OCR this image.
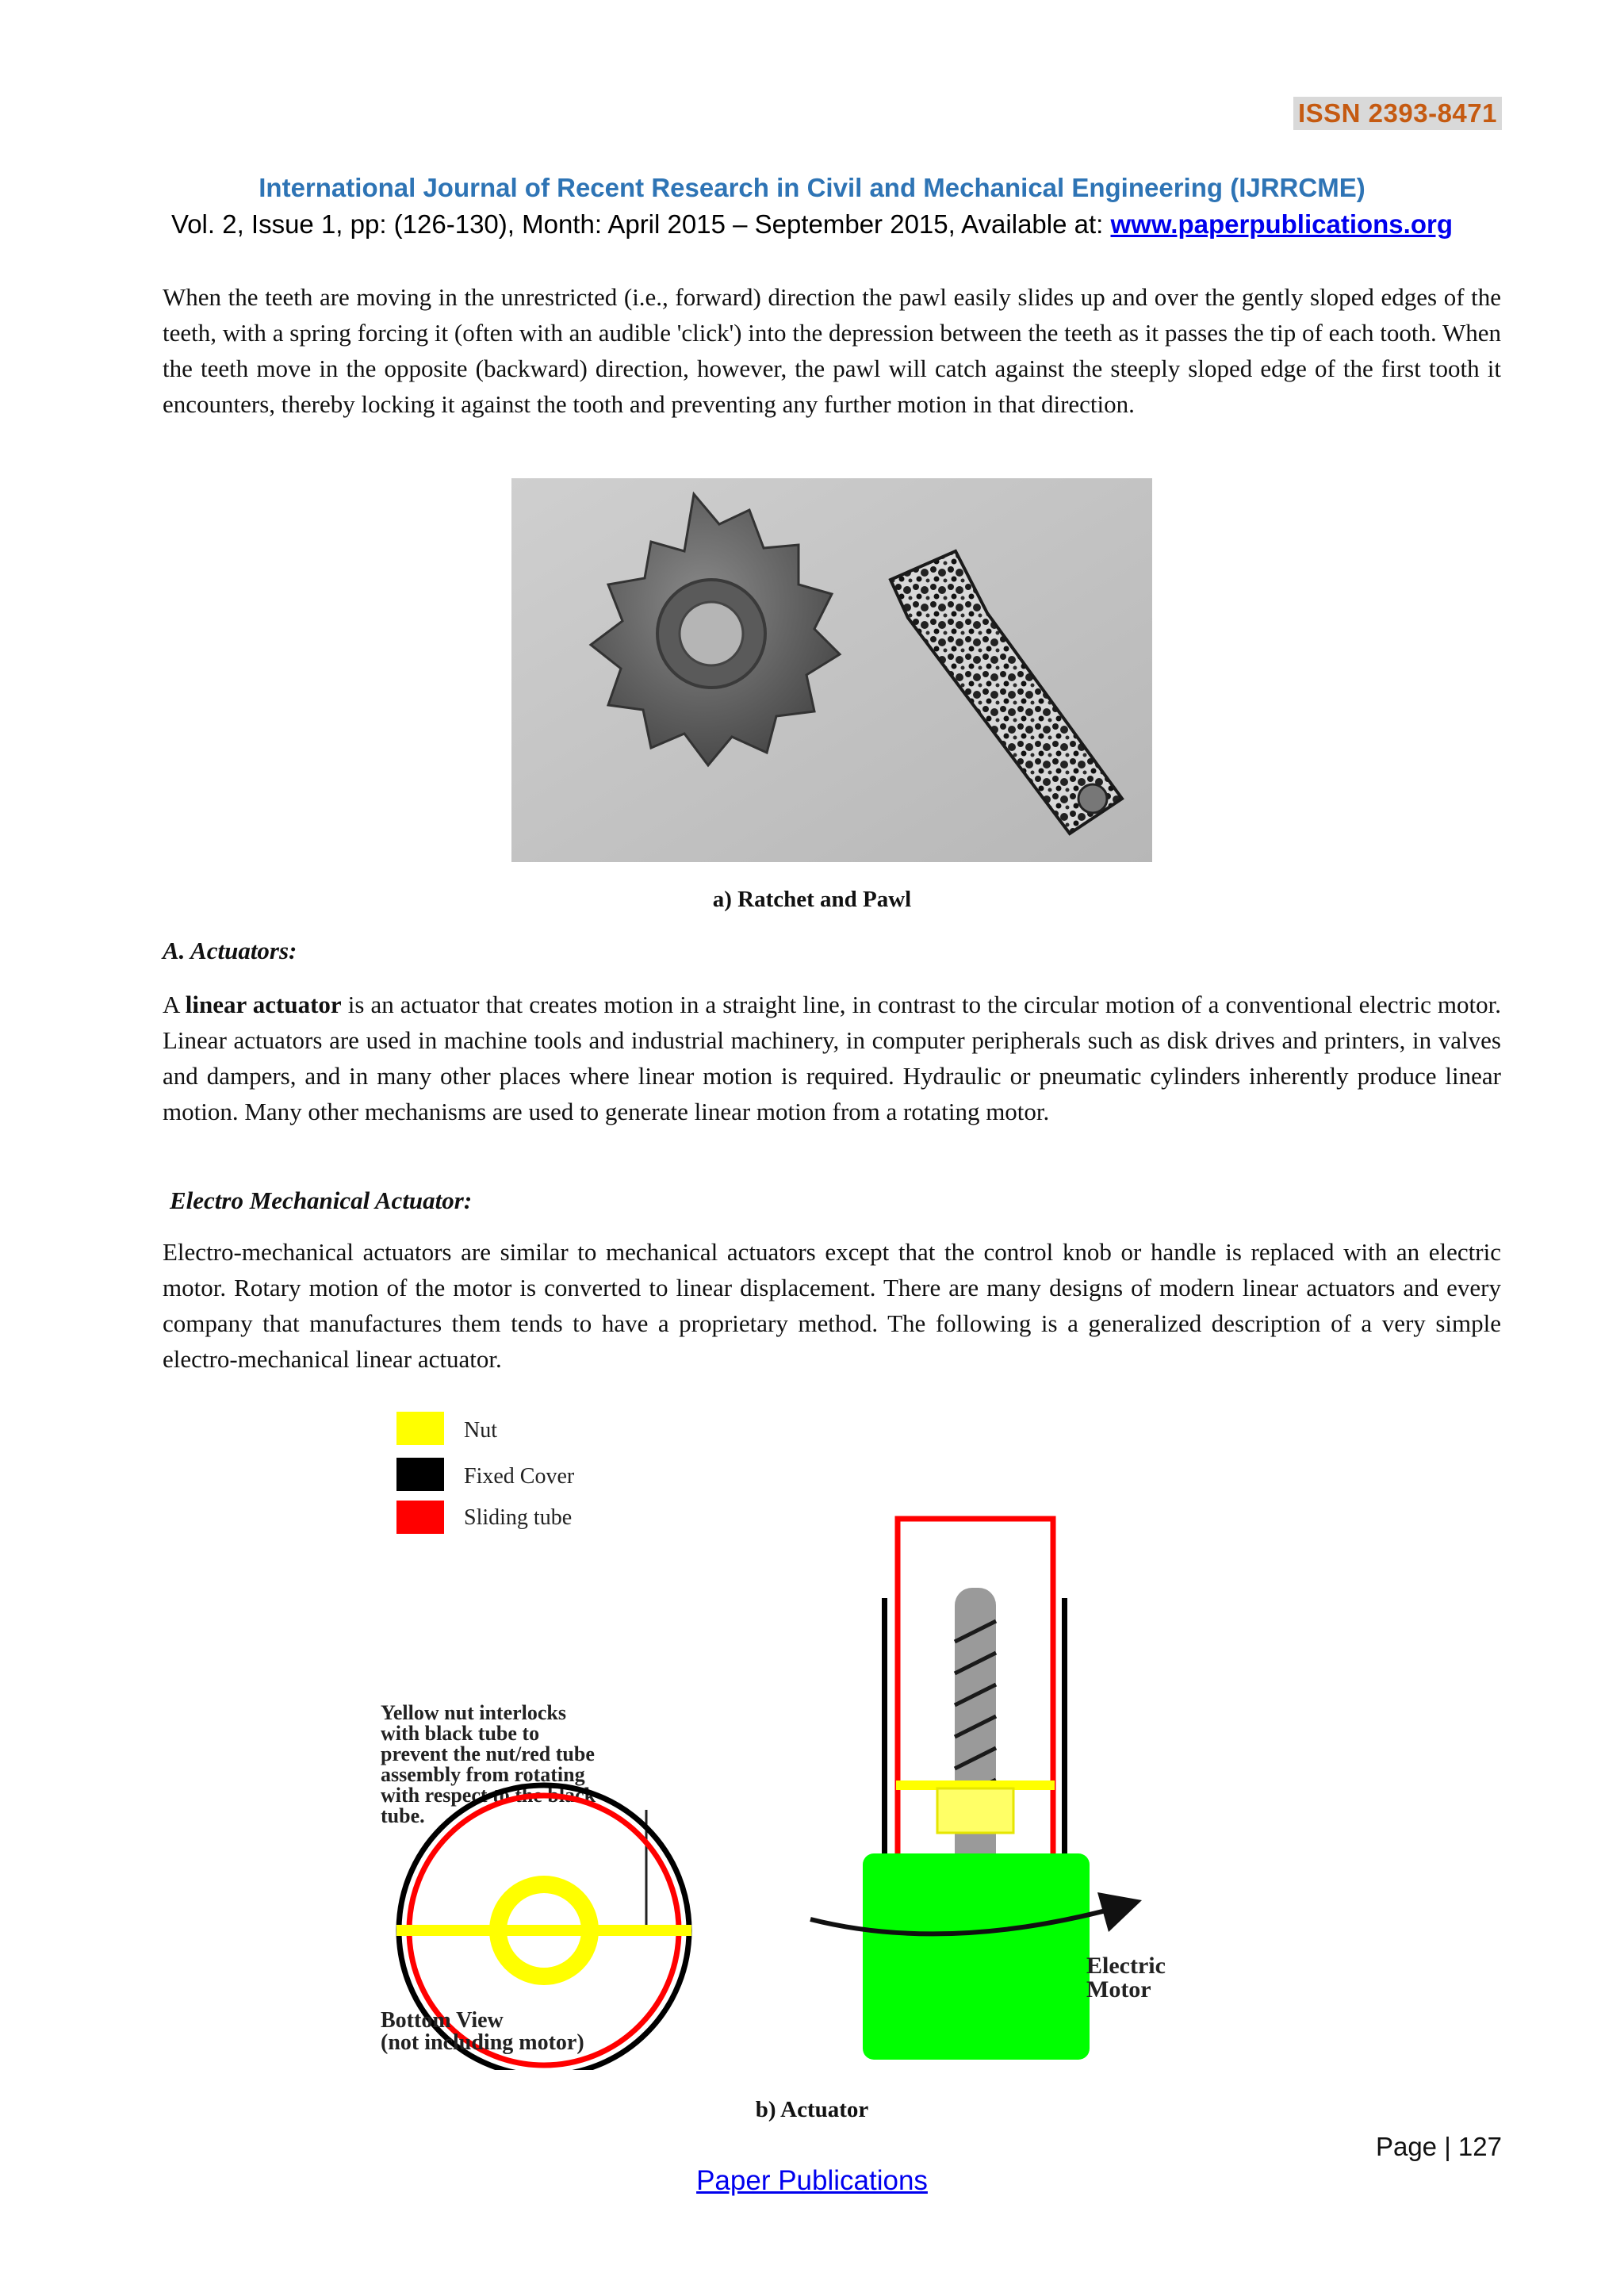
ISSN 2393-8471
International Journal of Recent Research in Civil and Mechanical Engineering (IJRRCME)
Vol. 2, Issue 1, pp: (126-130), Month: April 2015 – September 2015, Available at: www.paperpublications.org

When the teeth are moving in the unrestricted (i.e., forward) direction the pawl easily slides up and over the gently sloped edges of the teeth, with a spring forcing it (often with an audible 'click') into the depression between the teeth as it passes the tip of each tooth. When the teeth move in the opposite (backward) direction, however, the pawl will catch against the steeply sloped edge of the first tooth it encounters, thereby locking it against the tooth and preventing any further motion in that direction.

a) Ratchet and Pawl
A. Actuators:

A linear actuator is an actuator that creates motion in a straight line, in contrast to the circular motion of a conventional electric motor. Linear actuators are used in machine tools and industrial machinery, in computer peripherals such as disk drives and printers, in valves and dampers, and in many other places where linear motion is required. Hydraulic or pneumatic cylinders inherently produce linear motion. Many other mechanisms are used to generate linear motion from a rotating motor.

Electro Mechanical Actuator:

Electro-mechanical actuators are similar to mechanical actuators except that the control knob or handle is replaced with an electric motor. Rotary motion of the motor is converted to linear displacement. There are many designs of modern linear actuators and every company that manufactures them tends to have a proprietary method. The following is a generalized description of a very simple electro-mechanical linear actuator.

Nut
Fixed Cover
Sliding tube
Yellow nut interlocks
with black tube to
prevent the nut/red tube
assembly from rotating
with respect to the black
tube.
Bottom View
(not including motor)
Electric
Motor
b) Actuator
Page | 127
Paper Publications
